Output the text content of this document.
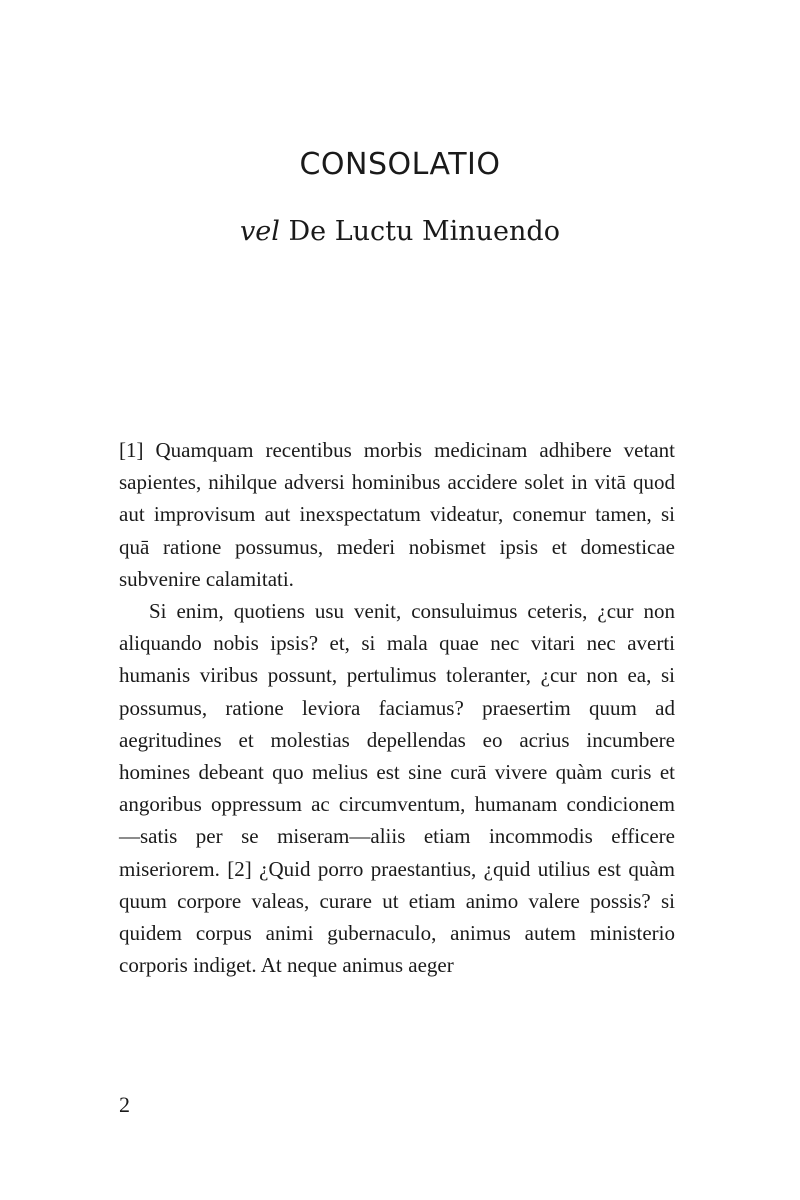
CONSOLATIO
vel De Luctu Minuendo

[1] Quamquam recentibus morbis medicinam adhibere vetant sapientes, nihilque adversi hominibus accidere solet in vitā quod aut improvisum aut inexspectatum videatur, conemur tamen, si quā ratione possumus, mederi nobismet ipsis et domesticae subvenire calamitati.

Si enim, quotiens usu venit, consuluimus ceteris, ¿cur non aliquando nobis ipsis? et, si mala quae nec vitari nec averti humanis viribus possunt, pertulimus toleranter, ¿cur non ea, si possumus, ratione leviora faciamus? praesertim quum ad aegritudines et molestias depellendas eo acrius incumbere homines debeant quo melius est sine curā vivere quàm curis et angoribus oppressum ac circumventum, humanam condicionem—satis per se miseram—aliis etiam incommodis efficere miseriorem. [2] ¿Quid porro praestantius, ¿quid utilius est quàm quum corpore valeas, curare ut etiam animo valere possis? si quidem corpus animi gubernaculo, animus autem ministerio corporis indiget. At neque animus aeger

2
